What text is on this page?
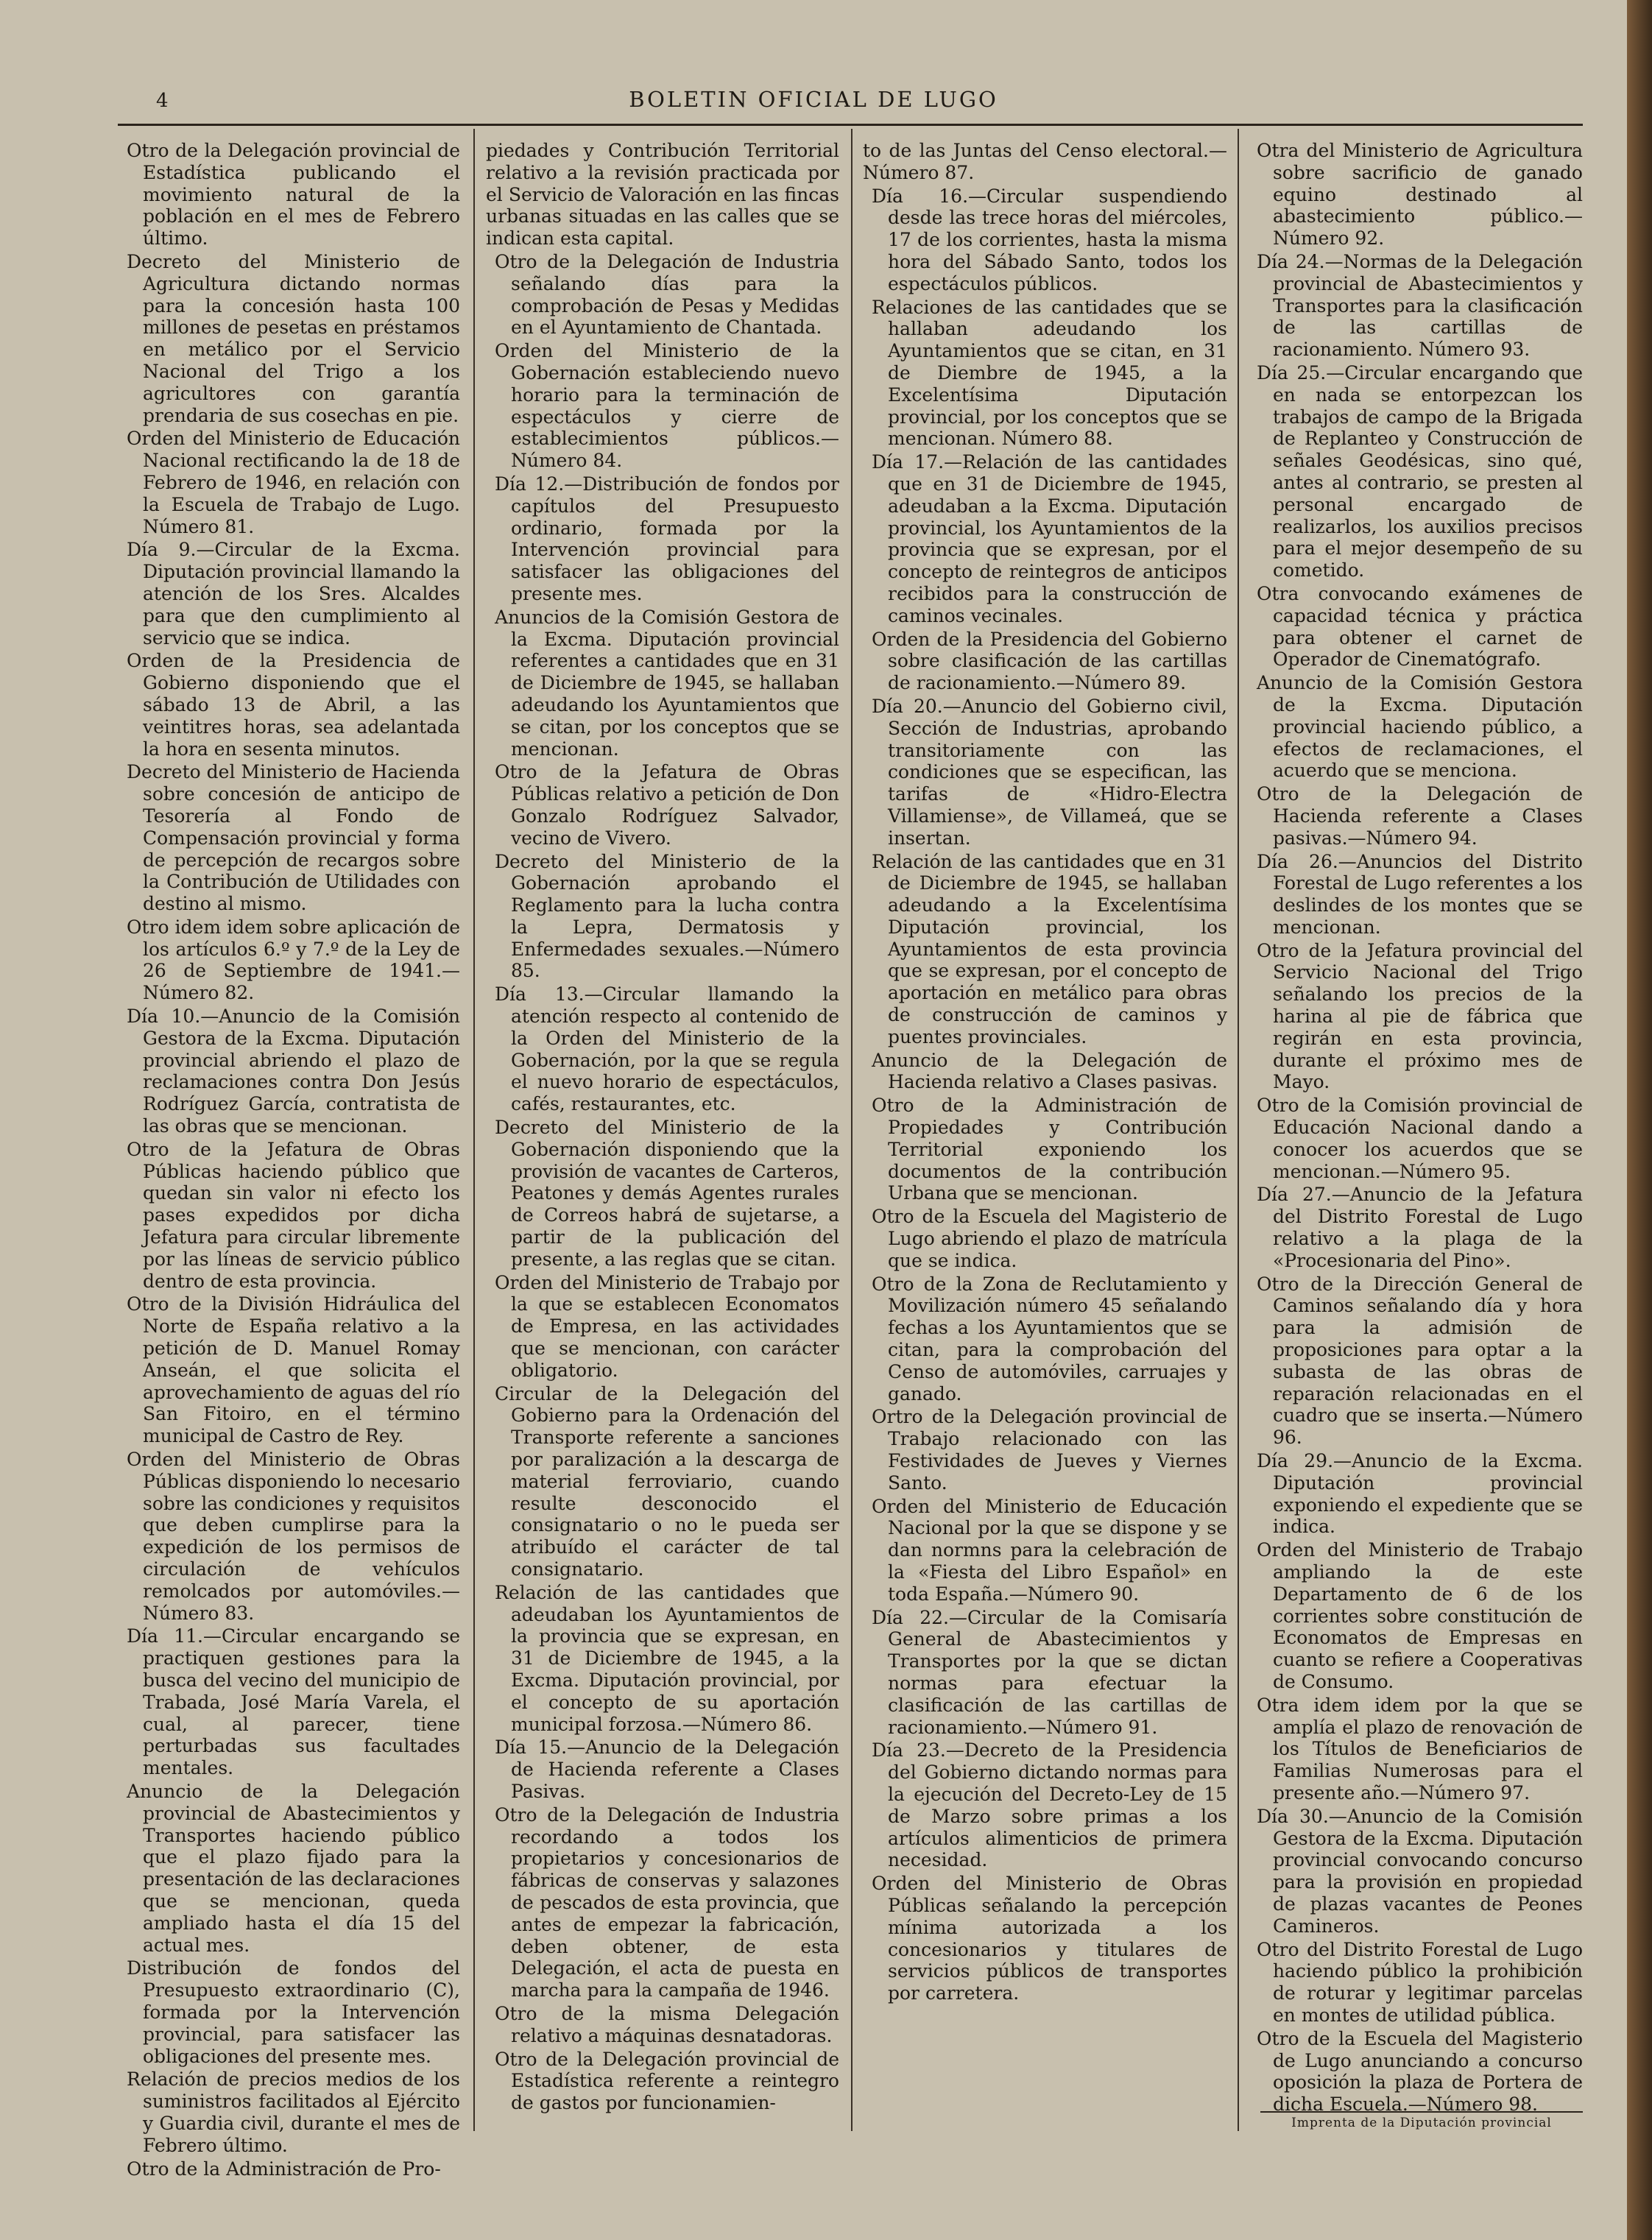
4	BOLETIN OFICIAL DE LUGO

Otro de la Delegación provincial de Estadística publicando el movimiento natural de la población en el mes de Febrero último.

Decreto del Ministerio de Agricultura dictando normas para la concesión hasta 100 millones de pesetas en préstamos en metálico por el Servicio Nacional del Trigo a los agricultores con garantía prendaria de sus cosechas en pie.

Orden del Ministerio de Educación Nacional rectificando la de 18 de Febrero de 1946, en relación con la Escuela de Trabajo de Lugo. Número 81.

Día 9.—Circular de la Excma. Diputación provincial llamando la atención de los Sres. Alcaldes para que den cumplimiento al servicio que se indica.

Orden de la Presidencia de Gobierno disponiendo que el sábado 13 de Abril, a las veintitres horas, sea adelantada la hora en sesenta minutos.

Decreto del Ministerio de Hacienda sobre concesión de anticipo de Tesorería al Fondo de Compensación provincial y forma de percepción de recargos sobre la Contribución de Utilidades con destino al mismo.

Otro idem idem sobre aplicación de los artículos 6.º y 7.º de la Ley de 26 de Septiembre de 1941.—Número 82.

Día 10.—Anuncio de la Comisión Gestora de la Excma. Diputación provincial abriendo el plazo de reclamaciones contra Don Jesús Rodríguez García, contratista de las obras que se mencionan.

Otro de la Jefatura de Obras Públicas haciendo público que quedan sin valor ni efecto los pases expedidos por dicha Jefatura para circular libremente por las líneas de servicio público dentro de esta provincia.

Otro de la División Hidráulica del Norte de España relativo a la petición de D. Manuel Romay Anseán, el que solicita el aprovechamiento de aguas del río San Fitoiro, en el término municipal de Castro de Rey.

Orden del Ministerio de Obras Públicas disponiendo lo necesario sobre las condiciones y requisitos que deben cumplirse para la expedición de los permisos de circulación de vehículos remolcados por automóviles.—Número 83.

Día 11.—Circular encargando se practiquen gestiones para la busca del vecino del municipio de Trabada, José María Varela, el cual, al parecer, tiene perturbadas sus facultades mentales.

Anuncio de la Delegación provincial de Abastecimientos y Transportes haciendo público que el plazo fijado para la presentación de las declaraciones que se mencionan, queda ampliado hasta el día 15 del actual mes.

Distribución de fondos del Presupuesto extraordinario (C), formada por la Intervención provincial, para satisfacer las obligaciones del presente mes.

Relación de precios medios de los suministros facilitados al Ejército y Guardia civil, durante el mes de Febrero último.

Otro de la Administración de Pro-

piedades y Contribución Territorial relativo a la revisión practicada por el Servicio de Valoración en las fincas urbanas situadas en las calles que se indican esta capital.

Otro de la Delegación de Industria señalando días para la comprobación de Pesas y Medidas en el Ayuntamiento de Chantada.

Orden del Ministerio de la Gobernación estableciendo nuevo horario para la terminación de espectáculos y cierre de establecimientos públicos.—Número 84.

Día 12.—Distribución de fondos por capítulos del Presupuesto ordinario, formada por la Intervención provincial para satisfacer las obligaciones del presente mes.

Anuncios de la Comisión Gestora de la Excma. Diputación provincial referentes a cantidades que en 31 de Diciembre de 1945, se hallaban adeudando los Ayuntamientos que se citan, por los conceptos que se mencionan.

Otro de la Jefatura de Obras Públicas relativo a petición de Don Gonzalo Rodríguez Salvador, vecino de Vivero.

Decreto del Ministerio de la Gobernación aprobando el Reglamento para la lucha contra la Lepra, Dermatosis y Enfermedades sexuales.—Número 85.

Día 13.—Circular llamando la atención respecto al contenido de la Orden del Ministerio de la Gobernación, por la que se regula el nuevo horario de espectáculos, cafés, restaurantes, etc.

Decreto del Ministerio de la Gobernación disponiendo que la provisión de vacantes de Carteros, Peatones y demás Agentes rurales de Correos habrá de sujetarse, a partir de la publicación del presente, a las reglas que se citan.

Orden del Ministerio de Trabajo por la que se establecen Economatos de Empresa, en las actividades que se mencionan, con carácter obligatorio.

Circular de la Delegación del Gobierno para la Ordenación del Transporte referente a sanciones por paralización a la descarga de material ferroviario, cuando resulte desconocido el consignatario o no le pueda ser atribuído el carácter de tal consignatario.

Relación de las cantidades que adeudaban los Ayuntamientos de la provincia que se expresan, en 31 de Diciembre de 1945, a la Excma. Diputación provincial, por el concepto de su aportación municipal forzosa.—Número 86.

Día 15.—Anuncio de la Delegación de Hacienda referente a Clases Pasivas.

Otro de la Delegación de Industria recordando a todos los propietarios y concesionarios de fábricas de conservas y salazones de pescados de esta provincia, que antes de empezar la fabricación, deben obtener, de esta Delegación, el acta de puesta en marcha para la campaña de 1946.

Otro de la misma Delegación relativo a máquinas desnatadoras.

Otro de la Delegación provincial de Estadística referente a reintegro de gastos por funcionamien-

to de las Juntas del Censo electoral.—Número 87.

Día 16.—Circular suspendiendo desde las trece horas del miércoles, 17 de los corrientes, hasta la misma hora del Sábado Santo, todos los espectáculos públicos.

Relaciones de las cantidades que se hallaban adeudando los Ayuntamientos que se citan, en 31 de Diembre de 1945, a la Excelentísima Diputación provincial, por los conceptos que se mencionan. Número 88.

Día 17.—Relación de las cantidades que en 31 de Diciembre de 1945, adeudaban a la Excma. Diputación provincial, los Ayuntamientos de la provincia que se expresan, por el concepto de reintegros de anticipos recibidos para la construcción de caminos vecinales.

Orden de la Presidencia del Gobierno sobre clasificación de las cartillas de racionamiento.—Número 89.

Día 20.—Anuncio del Gobierno civil, Sección de Industrias, aprobando transitoriamente con las condiciones que se especifican, las tarifas de «Hidro-Electra Villamiense», de Villameá, que se insertan.

Relación de las cantidades que en 31 de Diciembre de 1945, se hallaban adeudando a la Excelentísima Diputación provincial, los Ayuntamientos de esta provincia que se expresan, por el concepto de aportación en metálico para obras de construcción de caminos y puentes provinciales.

Anuncio de la Delegación de Hacienda relativo a Clases pasivas.

Otro de la Administración de Propiedades y Contribución Territorial exponiendo los documentos de la contribución Urbana que se mencionan.

Otro de la Escuela del Magisterio de Lugo abriendo el plazo de matrícula que se indica.

Otro de la Zona de Reclutamiento y Movilización número 45 señalando fechas a los Ayuntamientos que se citan, para la comprobación del Censo de automóviles, carruajes y ganado.

Ortro de la Delegación provincial de Trabajo relacionado con las Festividades de Jueves y Viernes Santo.

Orden del Ministerio de Educación Nacional por la que se dispone y se dan normns para la celebración de la «Fiesta del Libro Español» en toda España.—Número 90.

Día 22.—Circular de la Comisaría General de Abastecimientos y Transportes por la que se dictan normas para efectuar la clasificación de las cartillas de racionamiento.—Número 91.

Día 23.—Decreto de la Presidencia del Gobierno dictando normas para la ejecución del Decreto-Ley de 15 de Marzo sobre primas a los artículos alimenticios de primera necesidad.

Orden del Ministerio de Obras Públicas señalando la percepción mínima autorizada a los concesionarios y titulares de servicios públicos de transportes por carretera.

Otra del Ministerio de Agricultura sobre sacrificio de ganado equino destinado al abastecimiento público.—Número 92.

Día 24.—Normas de la Delegación provincial de Abastecimientos y Transportes para la clasificación de las cartillas de racionamiento. Número 93.

Día 25.—Circular encargando que en nada se entorpezcan los trabajos de campo de la Brigada de Replanteo y Construcción de señales Geodésicas, sino qué, antes al contrario, se presten al personal encargado de realizarlos, los auxilios precisos para el mejor desempeño de su cometido.

Otra convocando exámenes de capacidad técnica y práctica para obtener el carnet de Operador de Cinematógrafo.

Anuncio de la Comisión Gestora de la Excma. Diputación provincial haciendo público, a efectos de reclamaciones, el acuerdo que se menciona.

Otro de la Delegación de Hacienda referente a Clases pasivas.—Número 94.

Día 26.—Anuncios del Distrito Forestal de Lugo referentes a los deslindes de los montes que se mencionan.

Otro de la Jefatura provincial del Servicio Nacional del Trigo señalando los precios de la harina al pie de fábrica que regirán en esta provincia, durante el próximo mes de Mayo.

Otro de la Comisión provincial de Educación Nacional dando a conocer los acuerdos que se mencionan.—Número 95.

Día 27.—Anuncio de la Jefatura del Distrito Forestal de Lugo relativo a la plaga de la «Procesionaria del Pino».

Otro de la Dirección General de Caminos señalando día y hora para la admisión de proposiciones para optar a la subasta de las obras de reparación relacionadas en el cuadro que se inserta.—Número 96.

Día 29.—Anuncio de la Excma. Diputación provincial exponiendo el expediente que se indica.

Orden del Ministerio de Trabajo ampliando la de este Departamento de 6 de los corrientes sobre constitución de Economatos de Empresas en cuanto se refiere a Cooperativas de Consumo.

Otra idem idem por la que se amplía el plazo de renovación de los Títulos de Beneficiarios de Familias Numerosas para el presente año.—Número 97.

Día 30.—Anuncio de la Comisión Gestora de la Excma. Diputación provincial convocando concurso para la provisión en propiedad de plazas vacantes de Peones Camineros.

Otro del Distrito Forestal de Lugo haciendo público la prohibición de roturar y legitimar parcelas en montes de utilidad pública.

Otro de la Escuela del Magisterio de Lugo anunciando a concurso oposición la plaza de Portera de dicha Escuela.—Número 98.

Imprenta de la Diputación provincial
